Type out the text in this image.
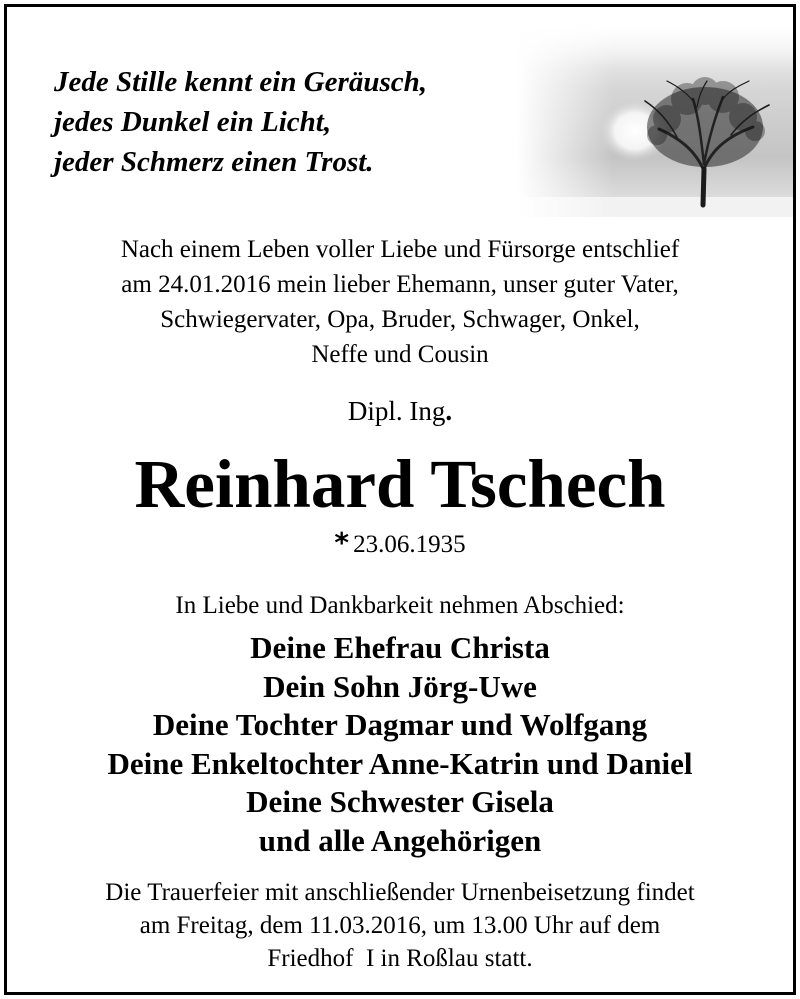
Jede Stille kennt ein Geräusch,
jedes Dunkel ein Licht,
jeder Schmerz einen Trost.
Nach einem Leben voller Liebe und Fürsorge entschlief
am 24.01.2016 mein lieber Ehemann, unser guter Vater,
Schwiegervater, Opa, Bruder, Schwager, Onkel,
Neffe und Cousin
Dipl. Ing.
Reinhard Tschech
* 23.06.1935
In Liebe und Dankbarkeit nehmen Abschied:
Deine Ehefrau Christa
Dein Sohn Jörg-Uwe
Deine Tochter Dagmar und Wolfgang
Deine Enkeltochter Anne-Katrin und Daniel
Deine Schwester Gisela
und alle Angehörigen
Die Trauerfeier mit anschließender Urnenbeisetzung findet
am Freitag, dem 11.03.2016, um 13.00 Uhr auf dem
Friedhof  I in Roßlau statt.
